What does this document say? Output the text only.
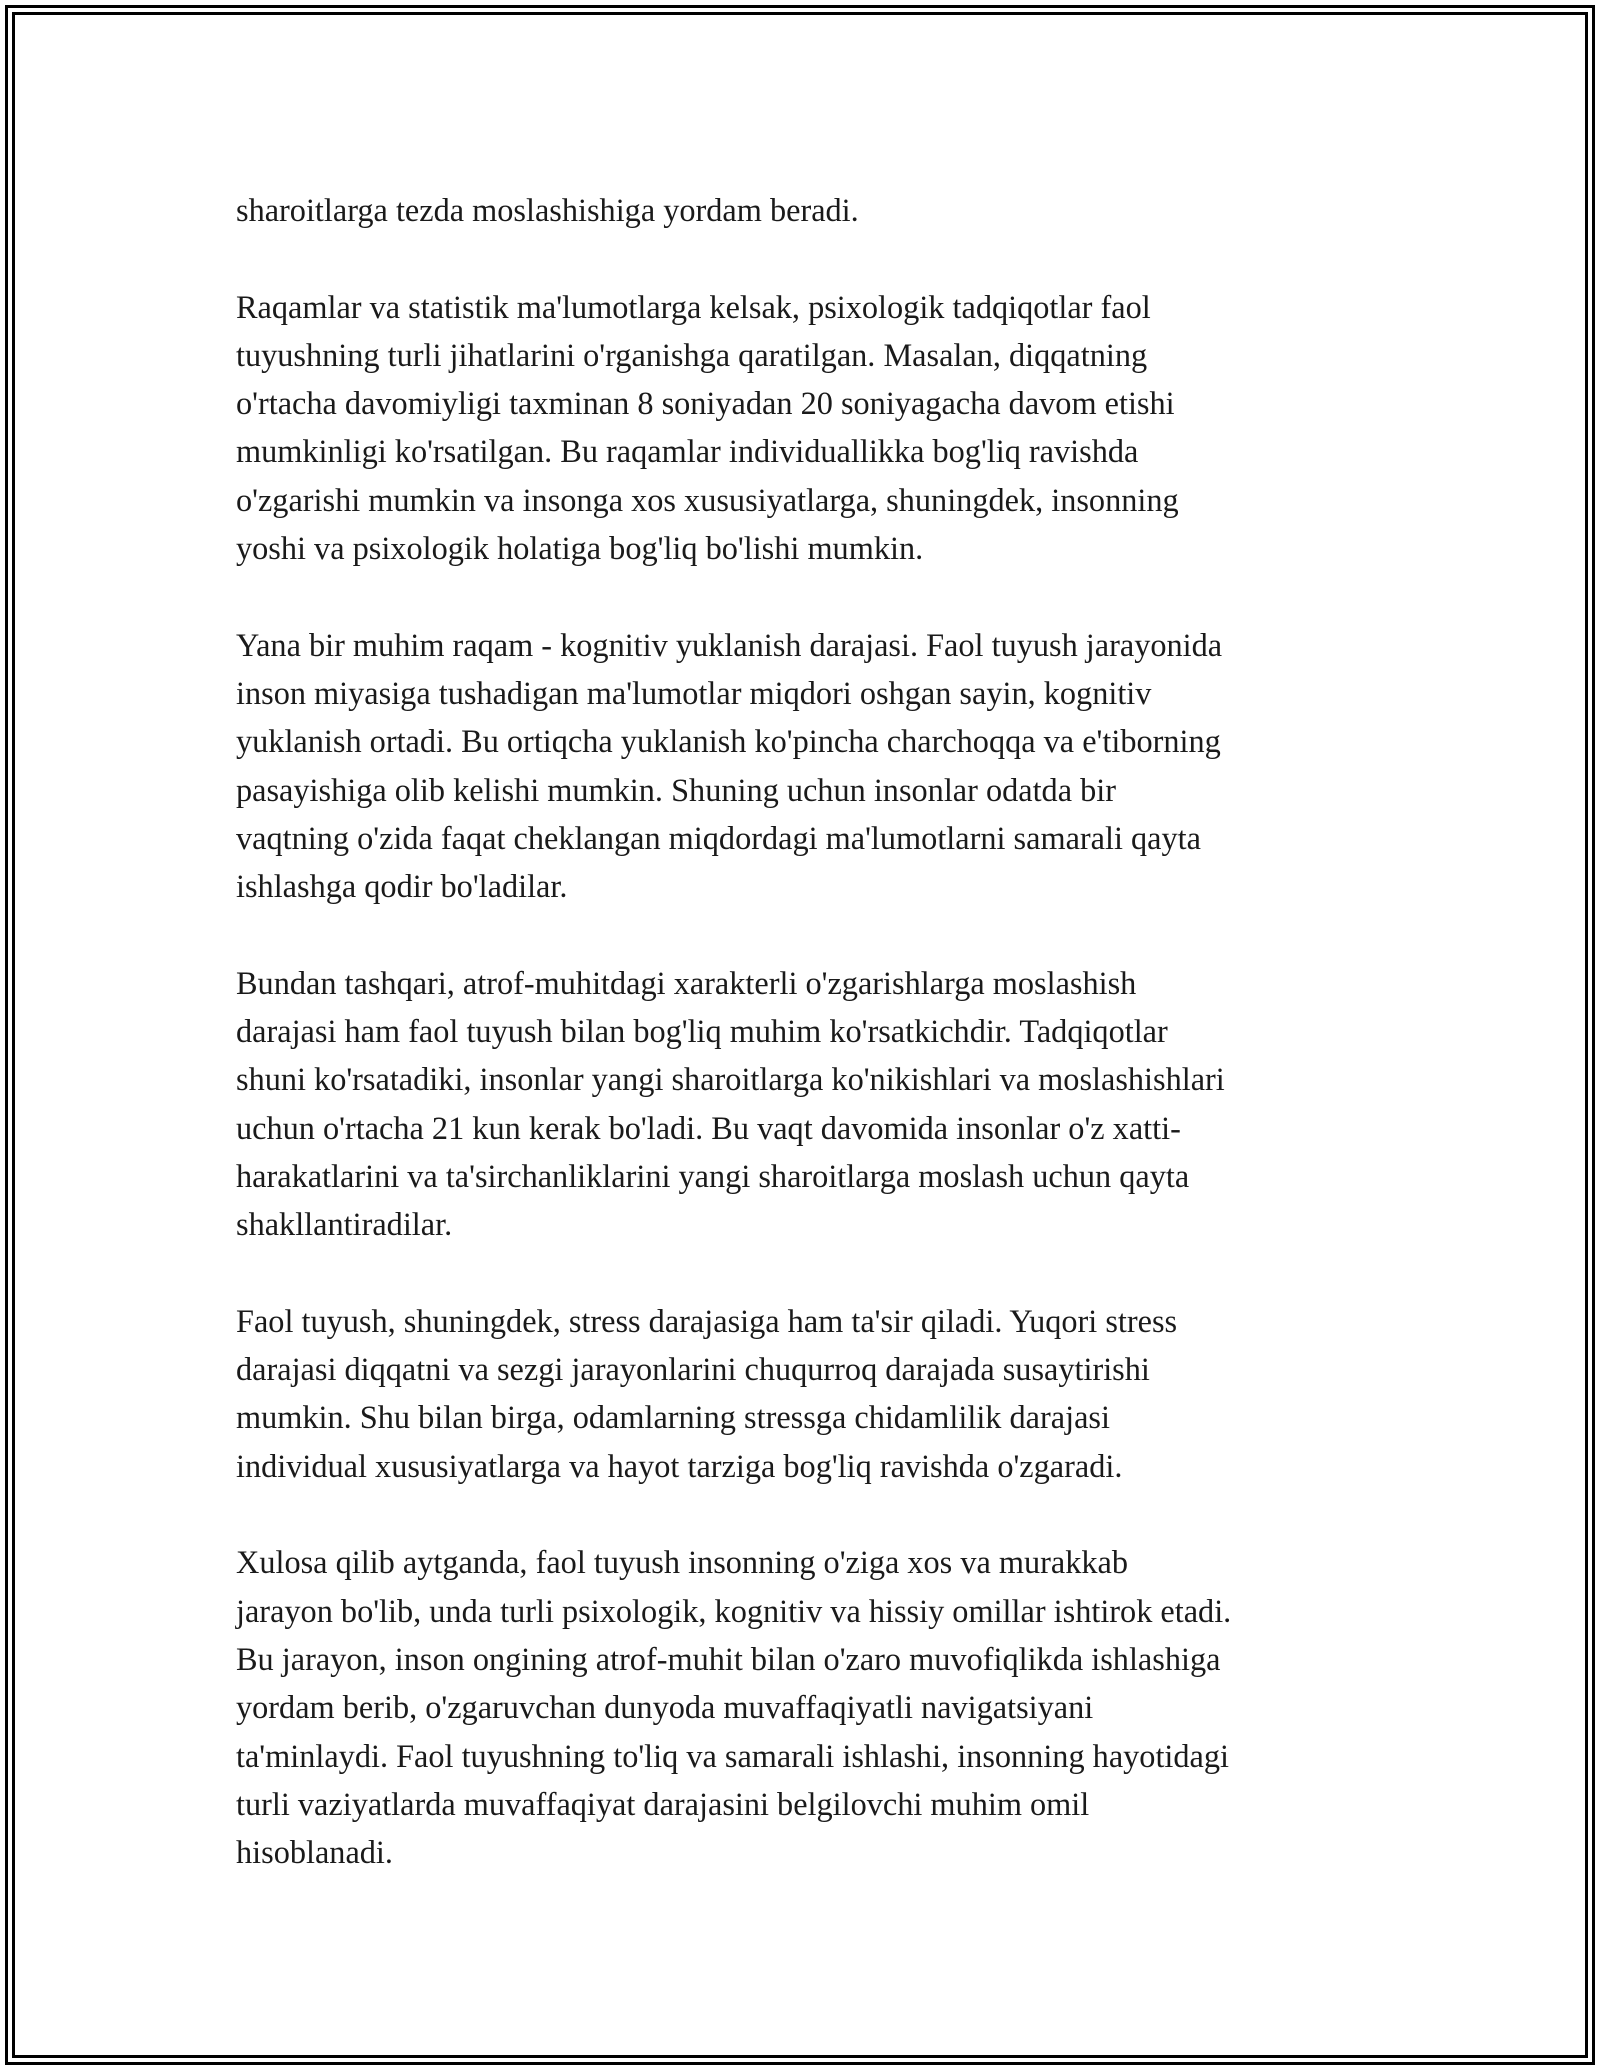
sharoitlarga tezda moslashishiga yordam beradi.

Raqamlar va statistik ma'lumotlarga kelsak, psixologik tadqiqotlar faol
tuyushning turli jihatlarini o'rganishga qaratilgan. Masalan, diqqatning
o'rtacha davomiyligi taxminan 8 soniyadan 20 soniyagacha davom etishi
mumkinligi ko'rsatilgan. Bu raqamlar individuallikka bog'liq ravishda
o'zgarishi mumkin va insonga xos xususiyatlarga, shuningdek, insonning
yoshi va psixologik holatiga bog'liq bo'lishi mumkin.

Yana bir muhim raqam - kognitiv yuklanish darajasi. Faol tuyush jarayonida
inson miyasiga tushadigan ma'lumotlar miqdori oshgan sayin, kognitiv
yuklanish ortadi. Bu ortiqcha yuklanish ko'pincha charchoqqa va e'tiborning
pasayishiga olib kelishi mumkin. Shuning uchun insonlar odatda bir
vaqtning o'zida faqat cheklangan miqdordagi ma'lumotlarni samarali qayta
ishlashga qodir bo'ladilar.

Bundan tashqari, atrof-muhitdagi xarakterli o'zgarishlarga moslashish
darajasi ham faol tuyush bilan bog'liq muhim ko'rsatkichdir. Tadqiqotlar
shuni ko'rsatadiki, insonlar yangi sharoitlarga ko'nikishlari va moslashishlari
uchun o'rtacha 21 kun kerak bo'ladi. Bu vaqt davomida insonlar o'z xatti-
harakatlarini va ta'sirchanliklarini yangi sharoitlarga moslash uchun qayta
shakllantiradilar.

Faol tuyush, shuningdek, stress darajasiga ham ta'sir qiladi. Yuqori stress
darajasi diqqatni va sezgi jarayonlarini chuqurroq darajada susaytirishi
mumkin. Shu bilan birga, odamlarning stressga chidamlilik darajasi
individual xususiyatlarga va hayot tarziga bog'liq ravishda o'zgaradi.

Xulosa qilib aytganda, faol tuyush insonning o'ziga xos va murakkab
jarayon bo'lib, unda turli psixologik, kognitiv va hissiy omillar ishtirok etadi.
Bu jarayon, inson ongining atrof-muhit bilan o'zaro muvofiqlikda ishlashiga
yordam berib, o'zgaruvchan dunyoda muvaffaqiyatli navigatsiyani
ta'minlaydi. Faol tuyushning to'liq va samarali ishlashi, insonning hayotidagi
turli vaziyatlarda muvaffaqiyat darajasini belgilovchi muhim omil
hisoblanadi.
